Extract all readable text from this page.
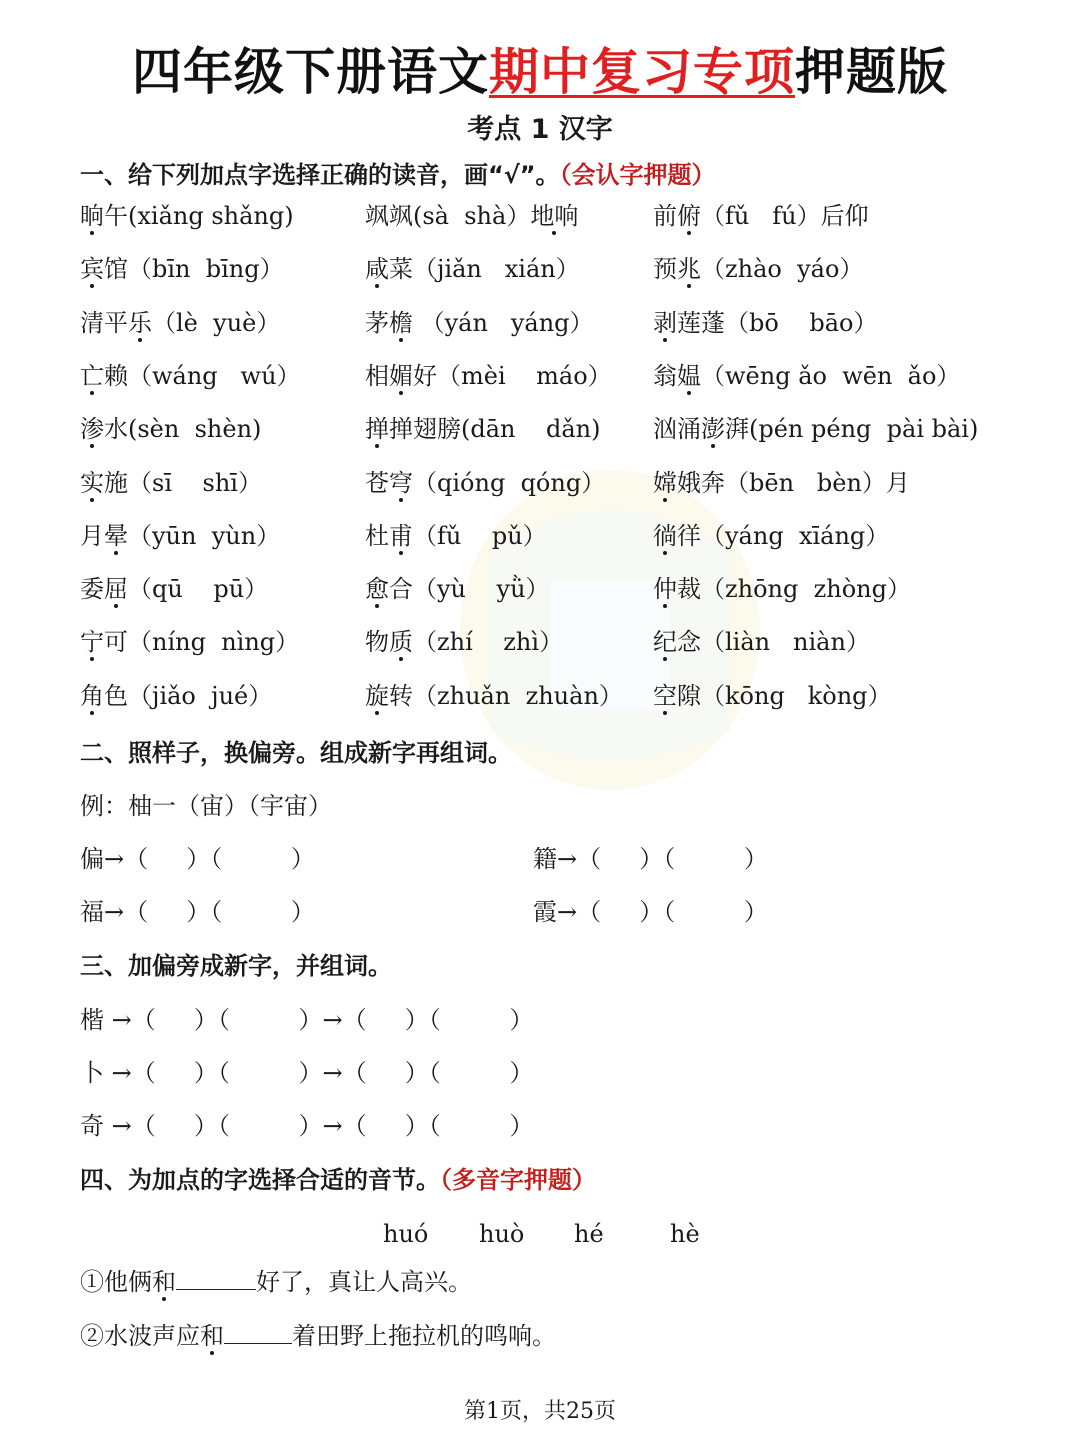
四年级下册语文期中复习专项押题版
考点 1 汉字
一、给下列加点字选择正确的读音，画“√”。（会认字押题）
晌午(xiǎng shǎng)	飒飒(sà  shà）地响	前俯（fǔ   fú）后仰
宾馆（bīn  bīng）	咸菜（jiǎn   xián）	预兆（zhào  yáo）
清平乐（lè  yuè）	茅檐 （yán   yáng） 剥莲蓬（bō    bāo）
亡赖（wáng   wú）	相媚好（mèi    máo） 翁媪（wēng ǎo  wēn  ǎo）
渗水(sèn  shèn)	掸掸翅膀(dān    dǎn) 汹涌澎湃(pén péng  pài bài)
实施（sī    shī）	苍穹（qióng  qóng） 嫦娥奔（bēn   bèn）月
月晕（yūn  yùn）	杜甫（fǔ    pǔ）	徜徉（yáng  xīáng）
委屈（qū    pū）	愈合（yù    yǜ）	仲裁（zhōng  zhòng）
宁可（níng  nìng）	物质（zhí    zhì）	纪念（liàn   niàn）
角色（jiǎo  jué）	旋转（zhuǎn  zhuàn） 空隙（kōng   kòng）
二、照样子，换偏旁。组成新字再组词。
例：柚一（宙）（宇宙）
偏→（     ）（         ）	籍→（     ）（         ）
福→（     ）（         ）	霞→（     ）（         ）
三、加偏旁成新字，并组词。
楷 →（     ）（         ）→（     ）（         ）
卜 →（     ）（         ）→（     ）（         ）
奇 →（     ）（         ）→（     ）（         ）
四、为加点的字选择合适的音节。（多音字押题）
huó huò hé	hè
①他俩和	好了，真让人高兴。
②水波声应和	着田野上拖拉机的鸣响。
第1页，共25页
